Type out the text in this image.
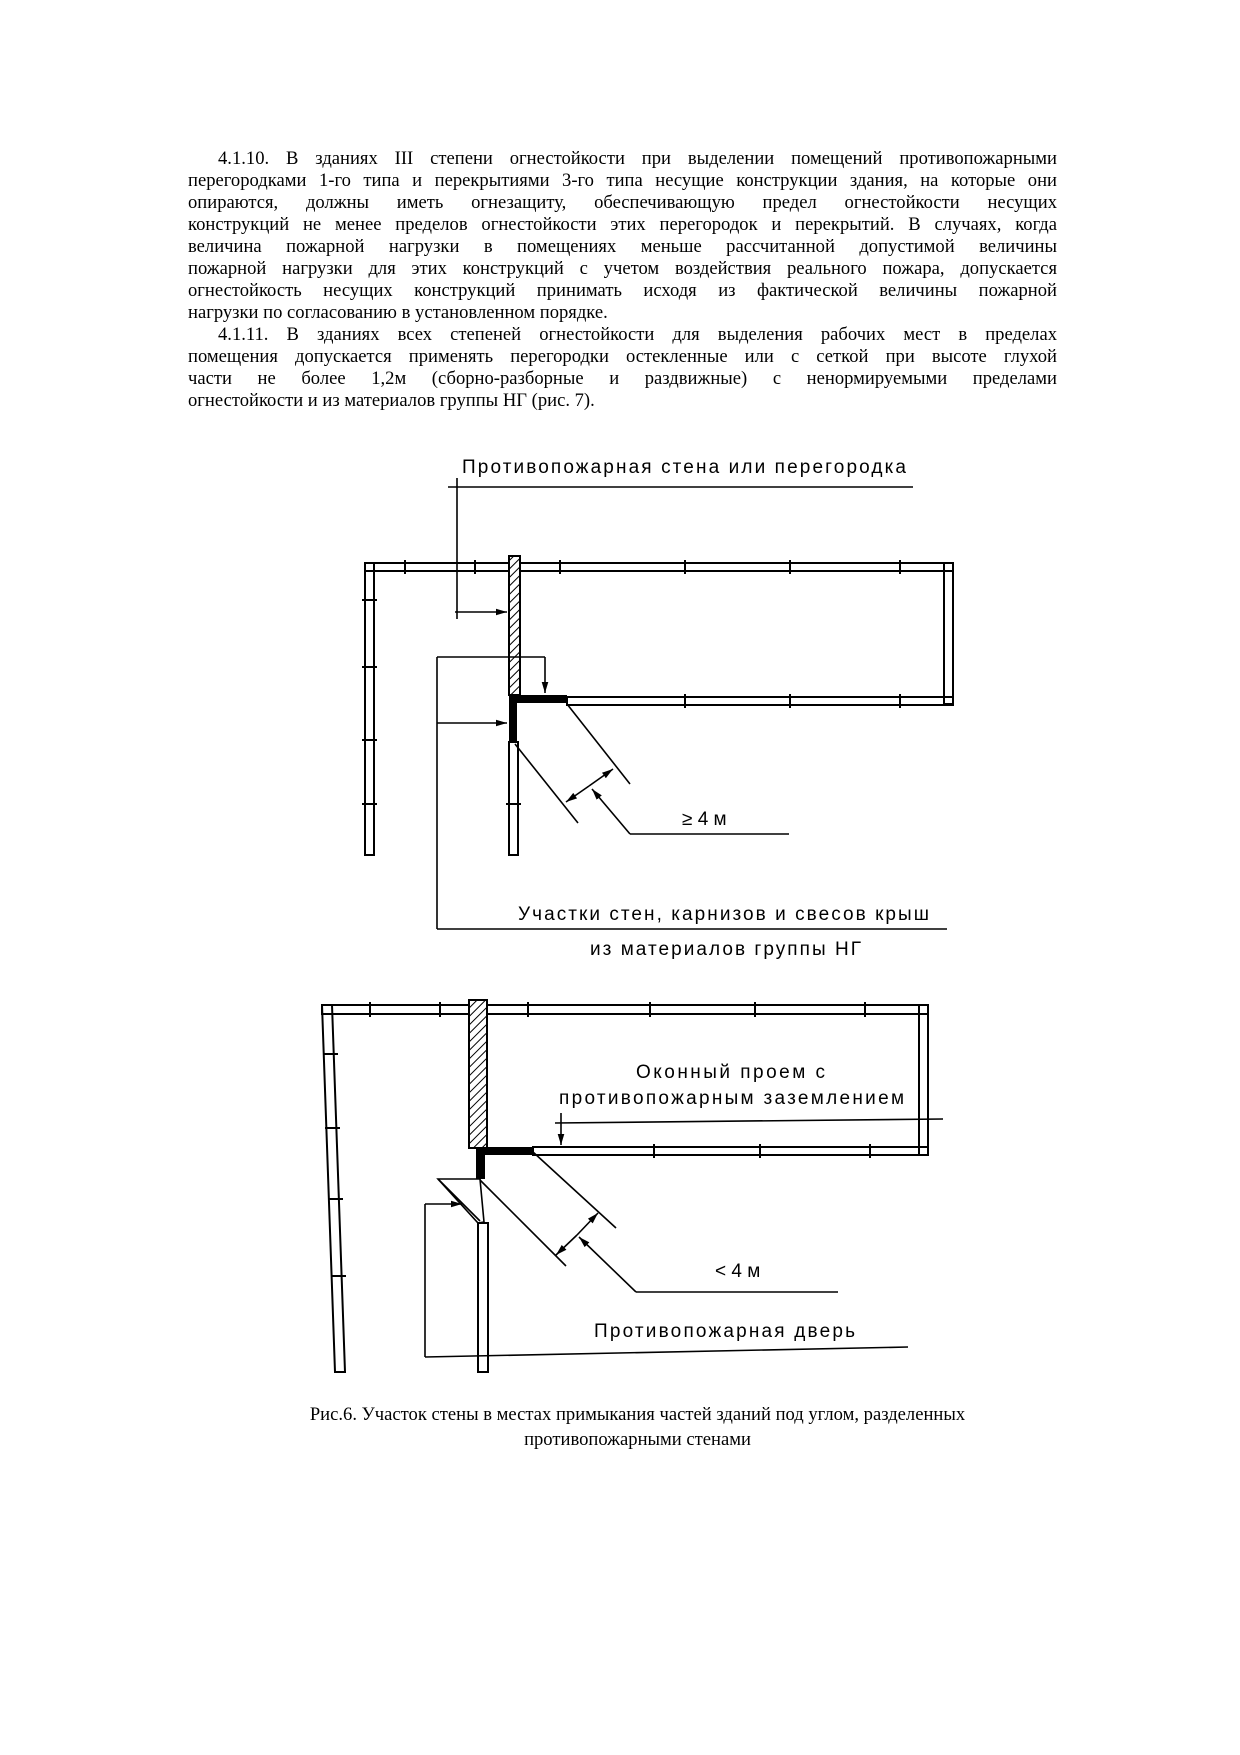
4.1.10. В зданиях III степени огнестойкости при выделении помещений противопожарными
перегородками 1-го типа и перекрытиями 3-го типа несущие конструкции здания, на которые они
опираются, должны иметь огнезащиту, обеспечивающую предел огнестойкости несущих
конструкций не менее пределов огнестойкости этих перегородок и перекрытий. В случаях, когда
величина пожарной нагрузки в помещениях меньше рассчитанной допустимой величины
пожарной нагрузки для этих конструкций с учетом воздействия реального пожара, допускается
огнестойкость несущих конструкций принимать исходя из фактической величины пожарной
нагрузки по согласованию в установленном порядке.
4.1.11. В зданиях всех степеней огнестойкости для выделения рабочих мест в пределах
помещения допускается применять перегородки остекленные или с сеткой при высоте глухой
части не более 1,2м (сборно-разборные и раздвижные) с ненормируемыми пределами
огнестойкости и из материалов группы НГ (рис. 7).
Противопожарная стена или перегородка
≥ 4 м
Участки стен, карнизов и свесов крыш
из материалов группы НГ
Оконный проем с
противопожарным заземлением
< 4 м
Противопожарная дверь
Рис.6. Участок стены в местах примыкания частей зданий под углом, разделенных
противопожарными стенами
